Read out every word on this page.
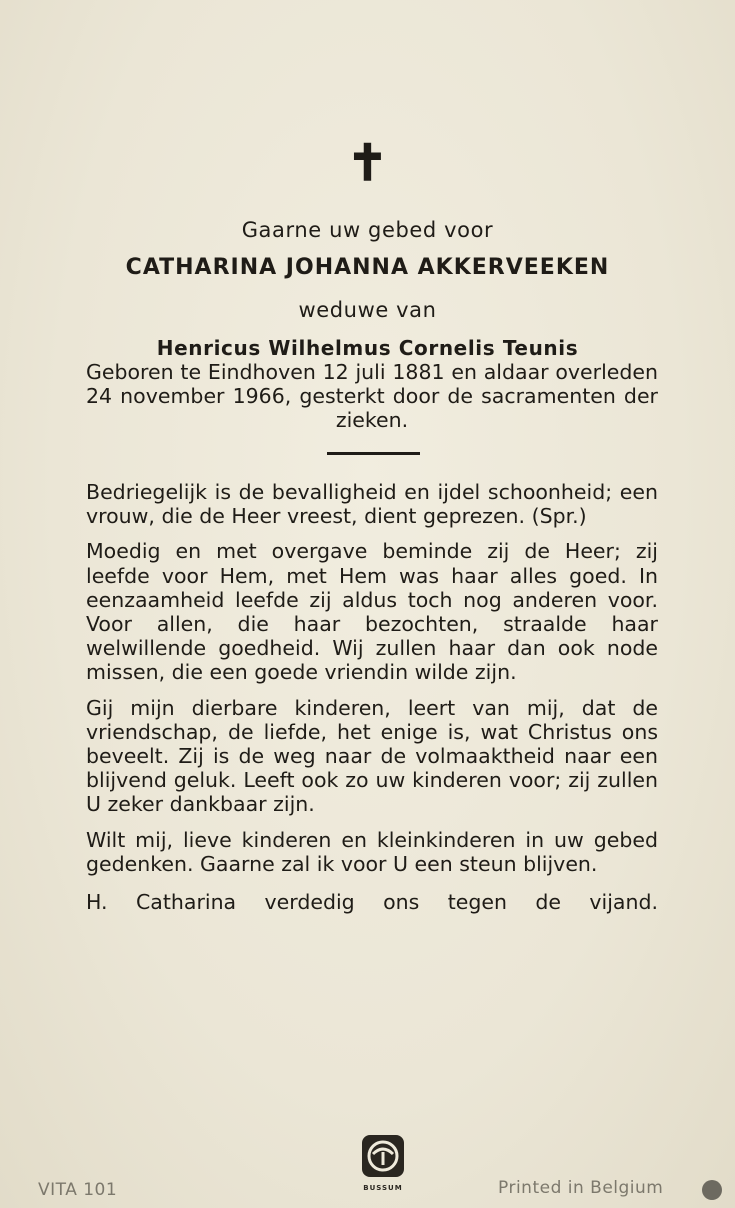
✝
Gaarne uw gebed voor
CATHARINA JOHANNA AKKERVEEKEN
weduwe van
Henricus Wilhelmus Cornelis Teunis
Geboren te Eindhoven 12 juli 1881 en aldaar overleden 24 november 1966, gesterkt door de sacramenten der zieken.

Bedriegelijk is de bevalligheid en ijdel schoonheid; een vrouw, die de Heer vreest, dient geprezen. (Spr.)

Moedig en met overgave beminde zij de Heer; zij leefde voor Hem, met Hem was haar alles goed. In eenzaamheid leefde zij aldus toch nog anderen voor. Voor allen, die haar bezochten, straalde haar welwillende goedheid. Wij zullen haar dan ook node missen, die een goede vriendin wilde zijn.

Gij mijn dierbare kinderen, leert van mij, dat de vriendschap, de liefde, het enige is, wat Christus ons beveelt. Zij is de weg naar de volmaaktheid naar een blijvend geluk. Leeft ook zo uw kinderen voor; zij zullen U zeker dankbaar zijn.

Wilt mij, lieve kinderen en kleinkinderen in uw gebed gedenken. Gaarne zal ik voor U een steun blijven.

H. Catharina verdedig ons tegen de vijand.

VITA 101	BUSSUM	Printed in Belgium
